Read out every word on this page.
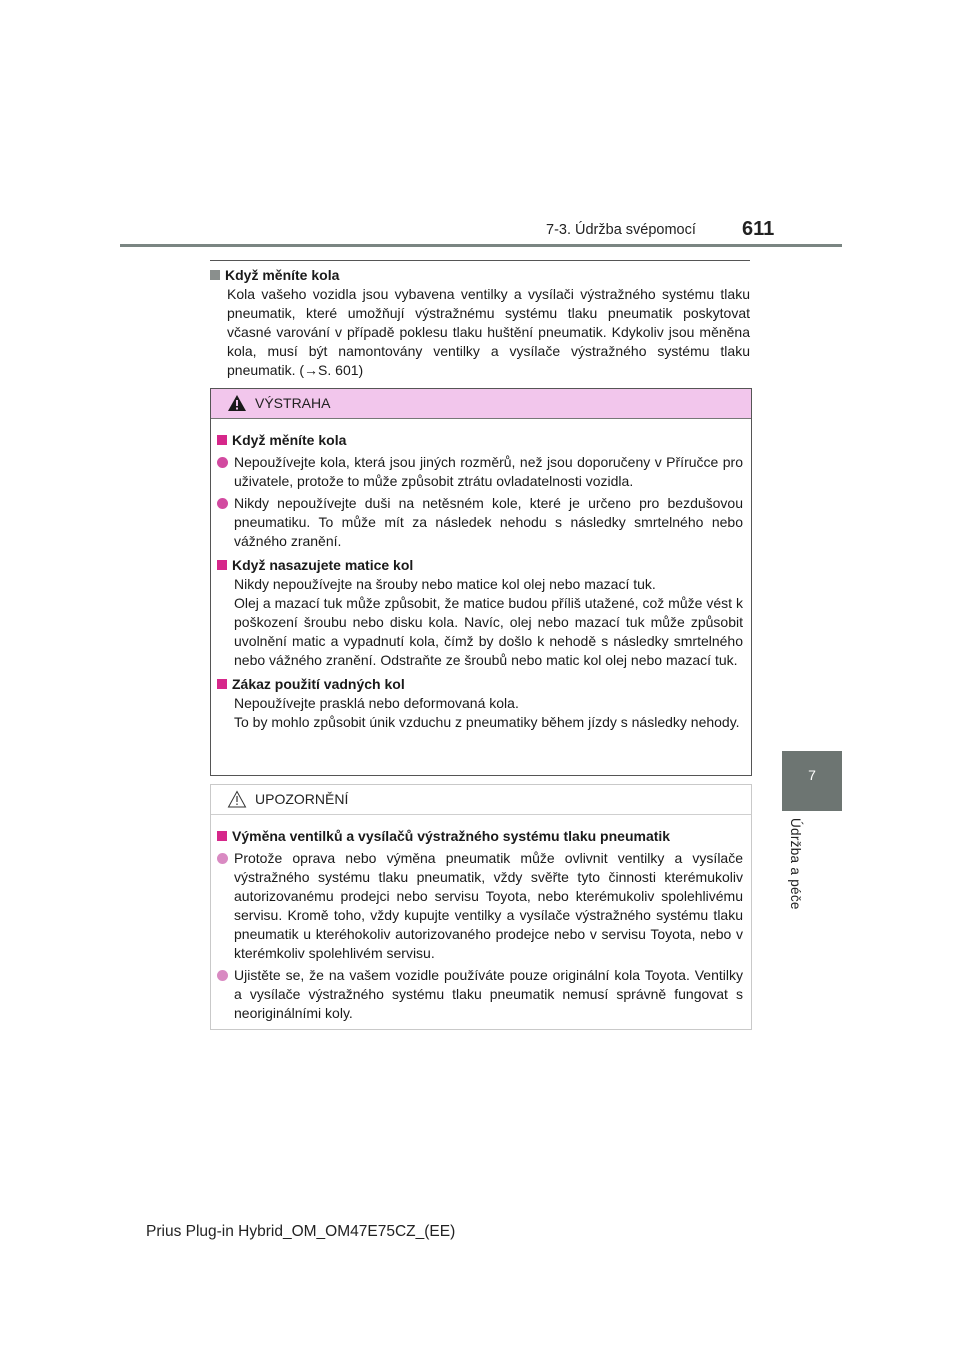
7-3. Údržba svépomocí 611
7
Údržba a péče
Když měníte kola
Kola vašeho vozidla jsou vybavena ventilky a vysílači výstražného systému tlaku pneumatik, které umožňují výstražnému systému tlaku pneumatik poskytovat včasné varování v případě poklesu tlaku huštění pneumatik. Kdykoliv jsou měněna kola, musí být namontovány ventilky a vysílače výstražného systému tlaku pneumatik. (→S. 601)
VÝSTRAHA
Když měníte kola
Nepoužívejte kola, která jsou jiných rozměrů, než jsou doporučeny v Příručce pro uživatele, protože to může způsobit ztrátu ovladatelnosti vozidla.
Nikdy nepoužívejte duši na netěsném kole, které je určeno pro bezdušovou pneumatiku. To může mít za následek nehodu s následky smrtelného nebo vážného zranění.
Když nasazujete matice kol
Nikdy nepoužívejte na šrouby nebo matice kol olej nebo mazací tuk.
Olej a mazací tuk může způsobit, že matice budou příliš utažené, což může vést k poškození šroubu nebo disku kola. Navíc, olej nebo mazací tuk může způsobit uvolnění matic a vypadnutí kola, čímž by došlo k nehodě s následky smrtelného nebo vážného zranění. Odstraňte ze šroubů nebo matic kol olej nebo mazací tuk.
Zákaz použití vadných kol
Nepoužívejte prasklá nebo deformovaná kola.
To by mohlo způsobit únik vzduchu z pneumatiky během jízdy s následky nehody.
UPOZORNĚNÍ
Výměna ventilků a vysílačů výstražného systému tlaku pneumatik
Protože oprava nebo výměna pneumatik může ovlivnit ventilky a vysílače výstražného systému tlaku pneumatik, vždy svěřte tyto činnosti kterémukoliv autorizovanému prodejci nebo servisu Toyota, nebo kterémukoliv spolehlivému servisu. Kromě toho, vždy kupujte ventilky a vysílače výstražného systému tlaku pneumatik u kteréhokoliv autorizovaného prodejce nebo v servisu Toyota, nebo v kterémkoliv spolehlivém servisu.
Ujistěte se, že na vašem vozidle používáte pouze originální kola Toyota. Ventilky a vysílače výstražného systému tlaku pneumatik nemusí správně fungovat s neoriginálními koly.
Prius Plug-in Hybrid_OM_OM47E75CZ_(EE)
